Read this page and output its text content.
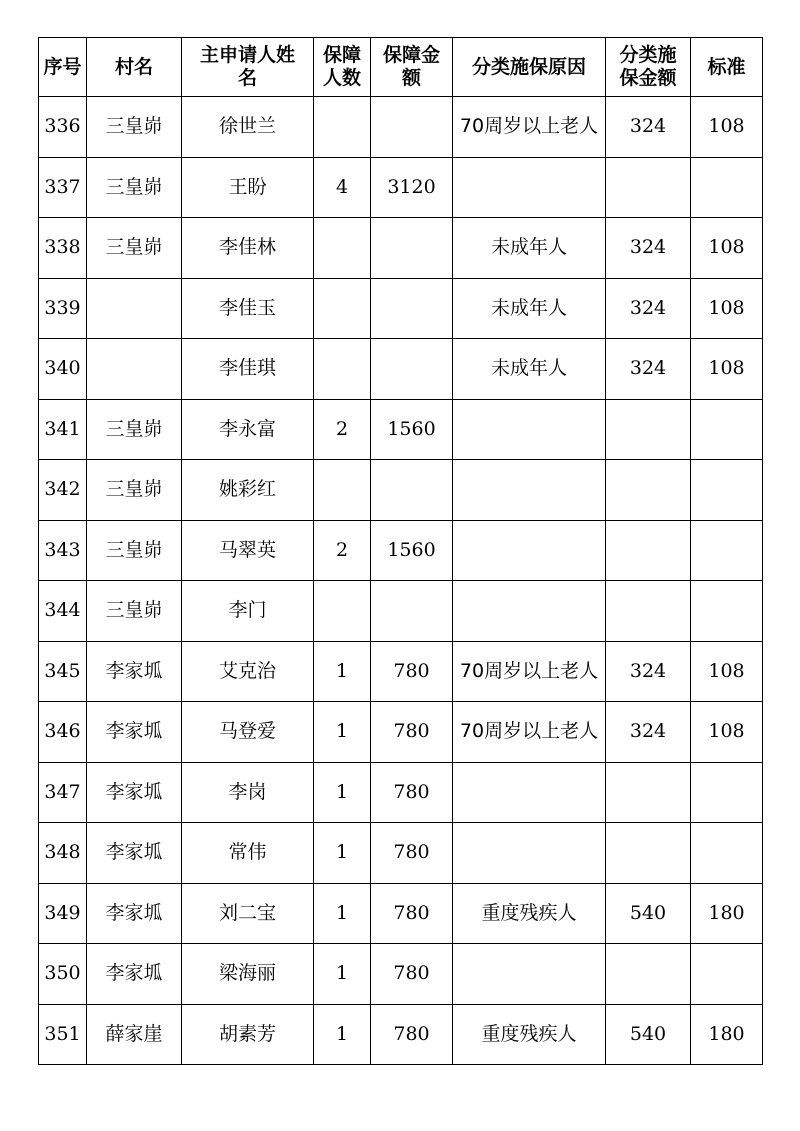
序号	村名	主申请人姓名	保障人数	保障金额	分类施保原因	分类施保金额	标准
336	三皇峁	徐世兰			70周岁以上老人	324	108
337	三皇峁	王盼	4	3120			
338	三皇峁	李佳林			未成年人	324	108
339		李佳玉			未成年人	324	108
340		李佳琪			未成年人	324	108
341	三皇峁	李永富	2	1560			
342	三皇峁	姚彩红					
343	三皇峁	马翠英	2	1560			
344	三皇峁	李门					
345	李家坬	艾克治	1	780	70周岁以上老人	324	108
346	李家坬	马登爱	1	780	70周岁以上老人	324	108
347	李家坬	李岗	1	780			
348	李家坬	常伟	1	780			
349	李家坬	刘二宝	1	780	重度残疾人	540	180
350	李家坬	梁海丽	1	780			
351	薛家崖	胡素芳	1	780	重度残疾人	540	180
